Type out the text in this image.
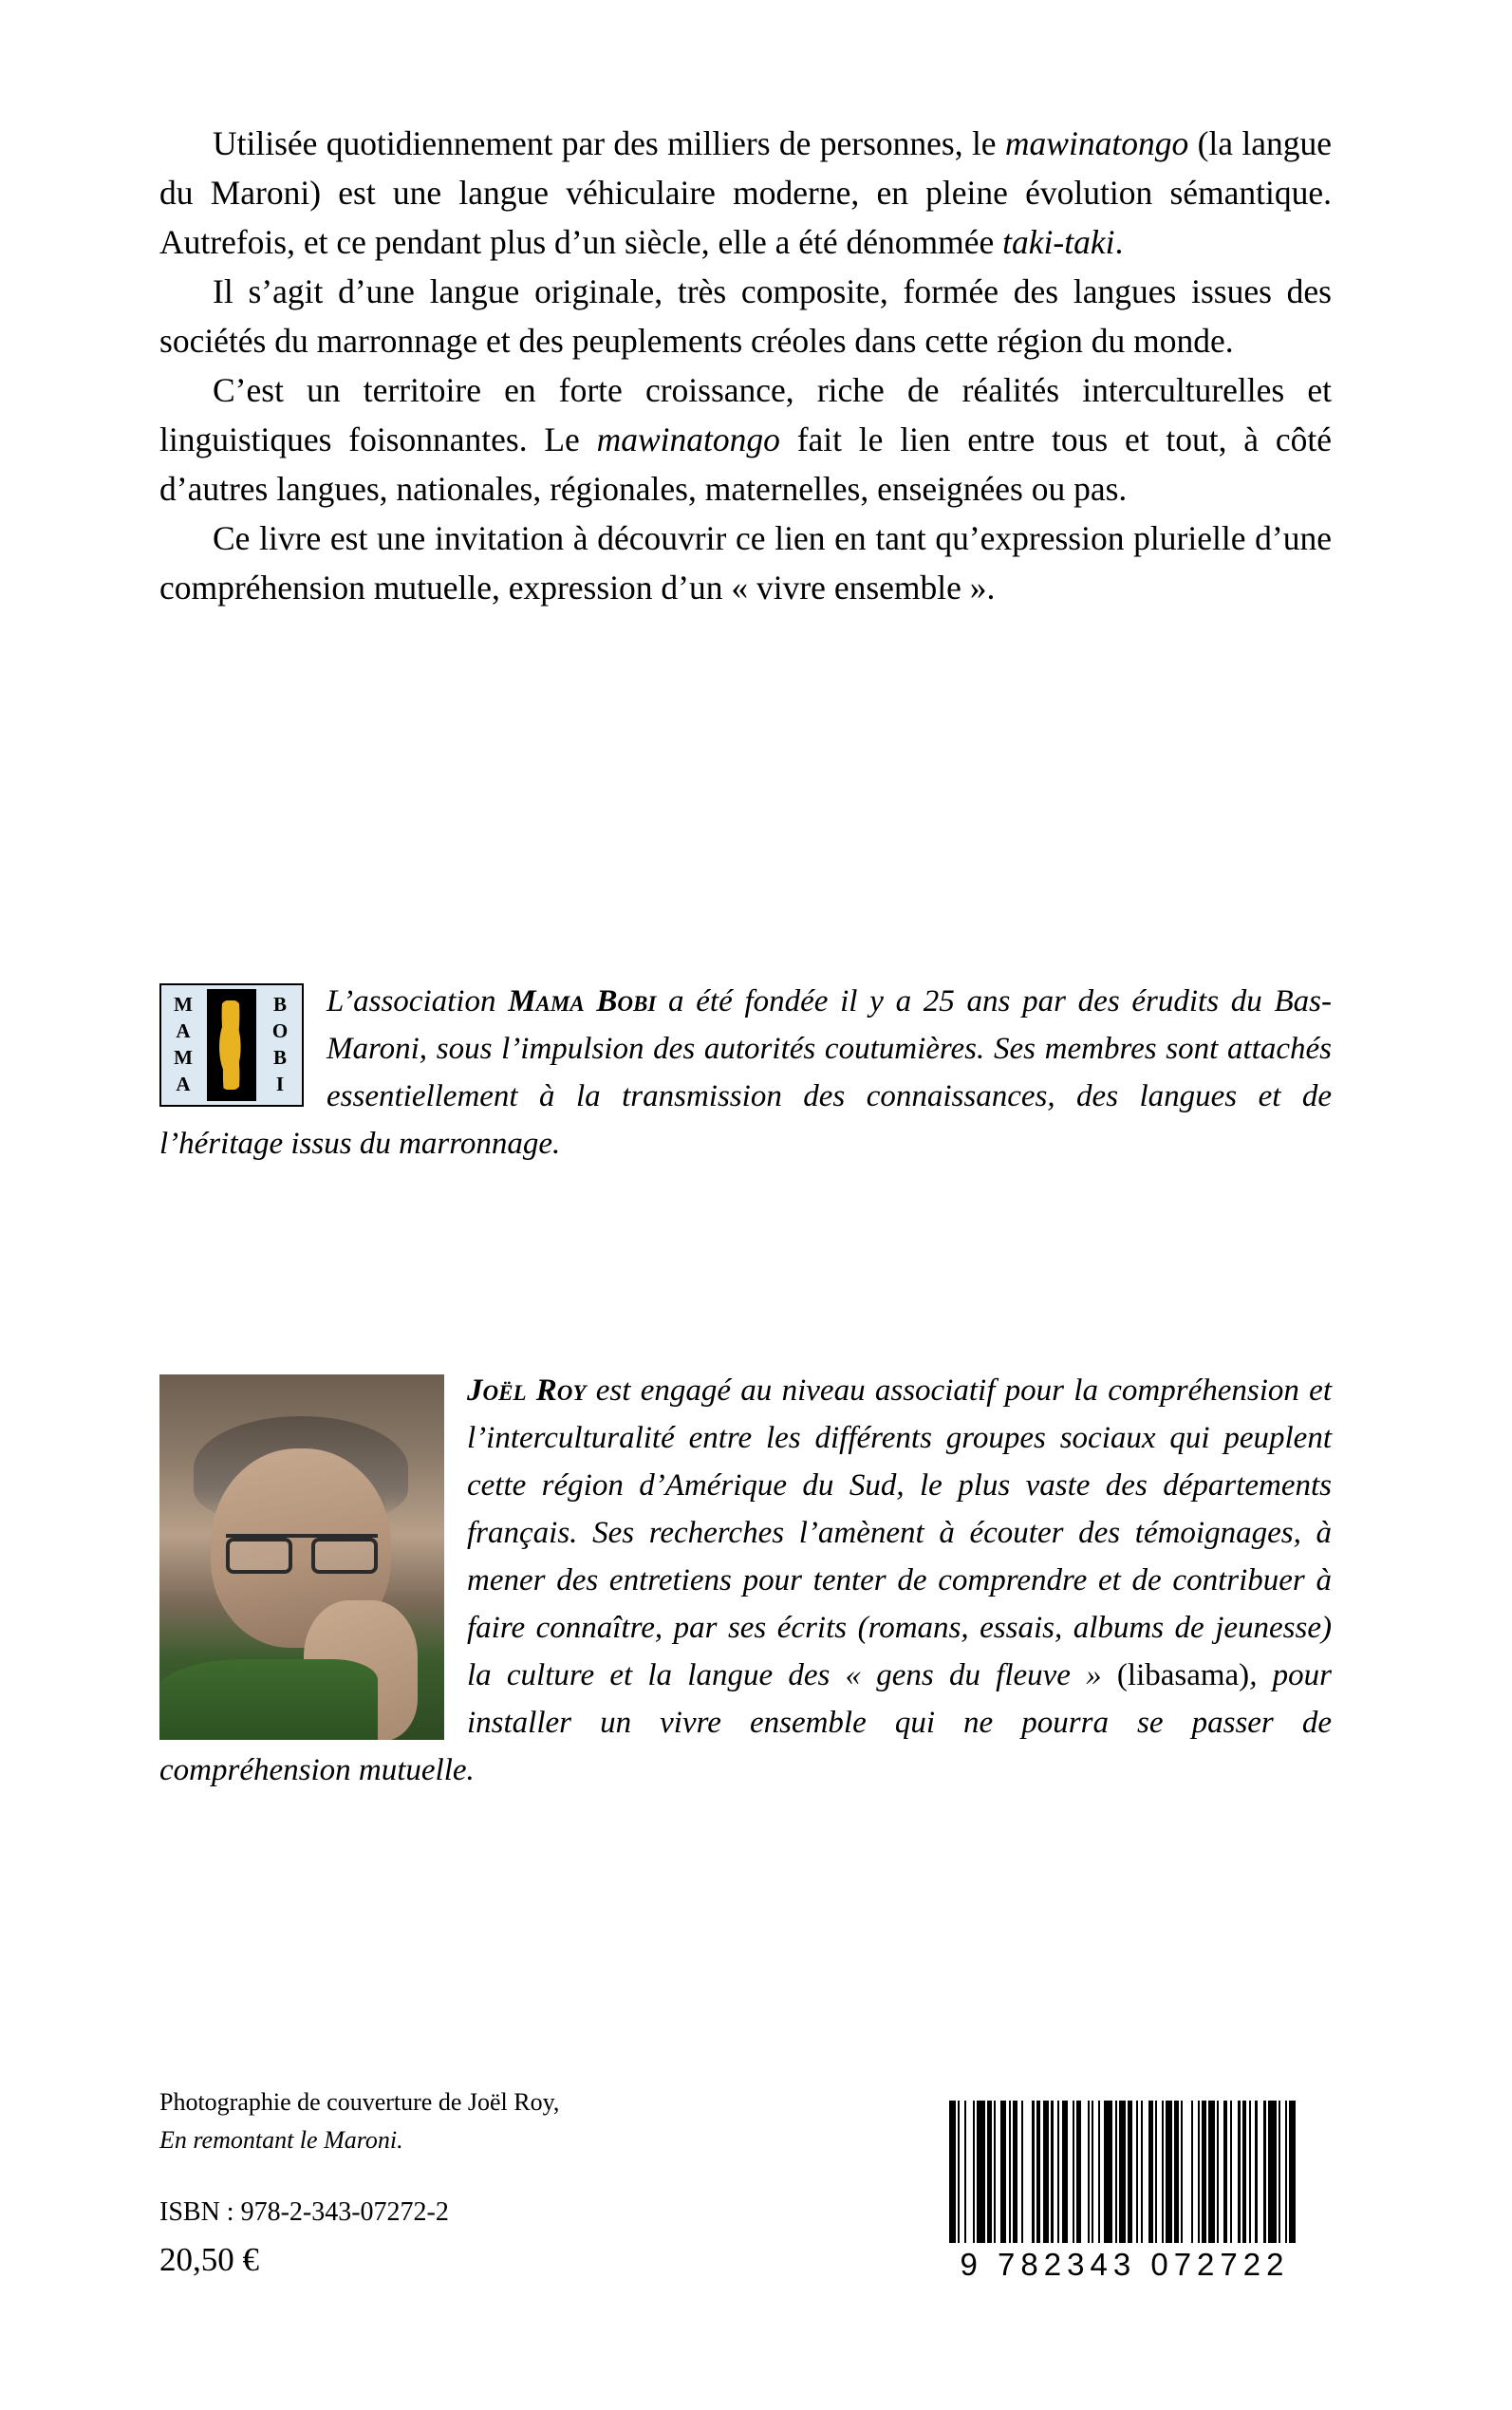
Utilisée quotidiennement par des milliers de personnes, le mawinatongo (la langue du Maroni) est une langue véhiculaire moderne, en pleine évolution sémantique. Autrefois, et ce pendant plus d’un siècle, elle a été dénommée taki-taki.

Il s’agit d’une langue originale, très composite, formée des langues issues des sociétés du marronnage et des peuplements créoles dans cette région du monde.

C’est un territoire en forte croissance, riche de réalités interculturelles et linguistiques foisonnantes. Le mawinatongo fait le lien entre tous et tout, à côté d’autres langues, nationales, régionales, maternelles, enseignées ou pas.

Ce livre est une invitation à découvrir ce lien en tant qu’expression plurielle d’une compréhension mutuelle, expression d’un « vivre ensemble ».

M
A
M
A
B
O
B
I
L’association Mama Bobi a été fondée il y a 25 ans par des érudits du Bas-Maroni, sous l’impulsion des autorités coutumières. Ses membres sont attachés essentiellement à la transmission des connaissances, des langues et de l’héritage issus du marronnage.
Joël Roy est engagé au niveau associatif pour la compréhension et l’interculturalité entre les différents groupes sociaux qui peuplent cette région d’Amérique du Sud, le plus vaste des départements français. Ses recherches l’amènent à écouter des témoignages, à mener des entretiens pour tenter de comprendre et de contribuer à faire connaître, par ses écrits (romans, essais, albums de jeunesse) la culture et la langue des « gens du fleuve » (libasama), pour installer un vivre ensemble qui ne pourra se passer de compréhension mutuelle.
Photographie de couverture de Joël Roy,
En remontant le Maroni.
ISBN : 978-2-343-07272-2
20,50 €	9 782343 072722
